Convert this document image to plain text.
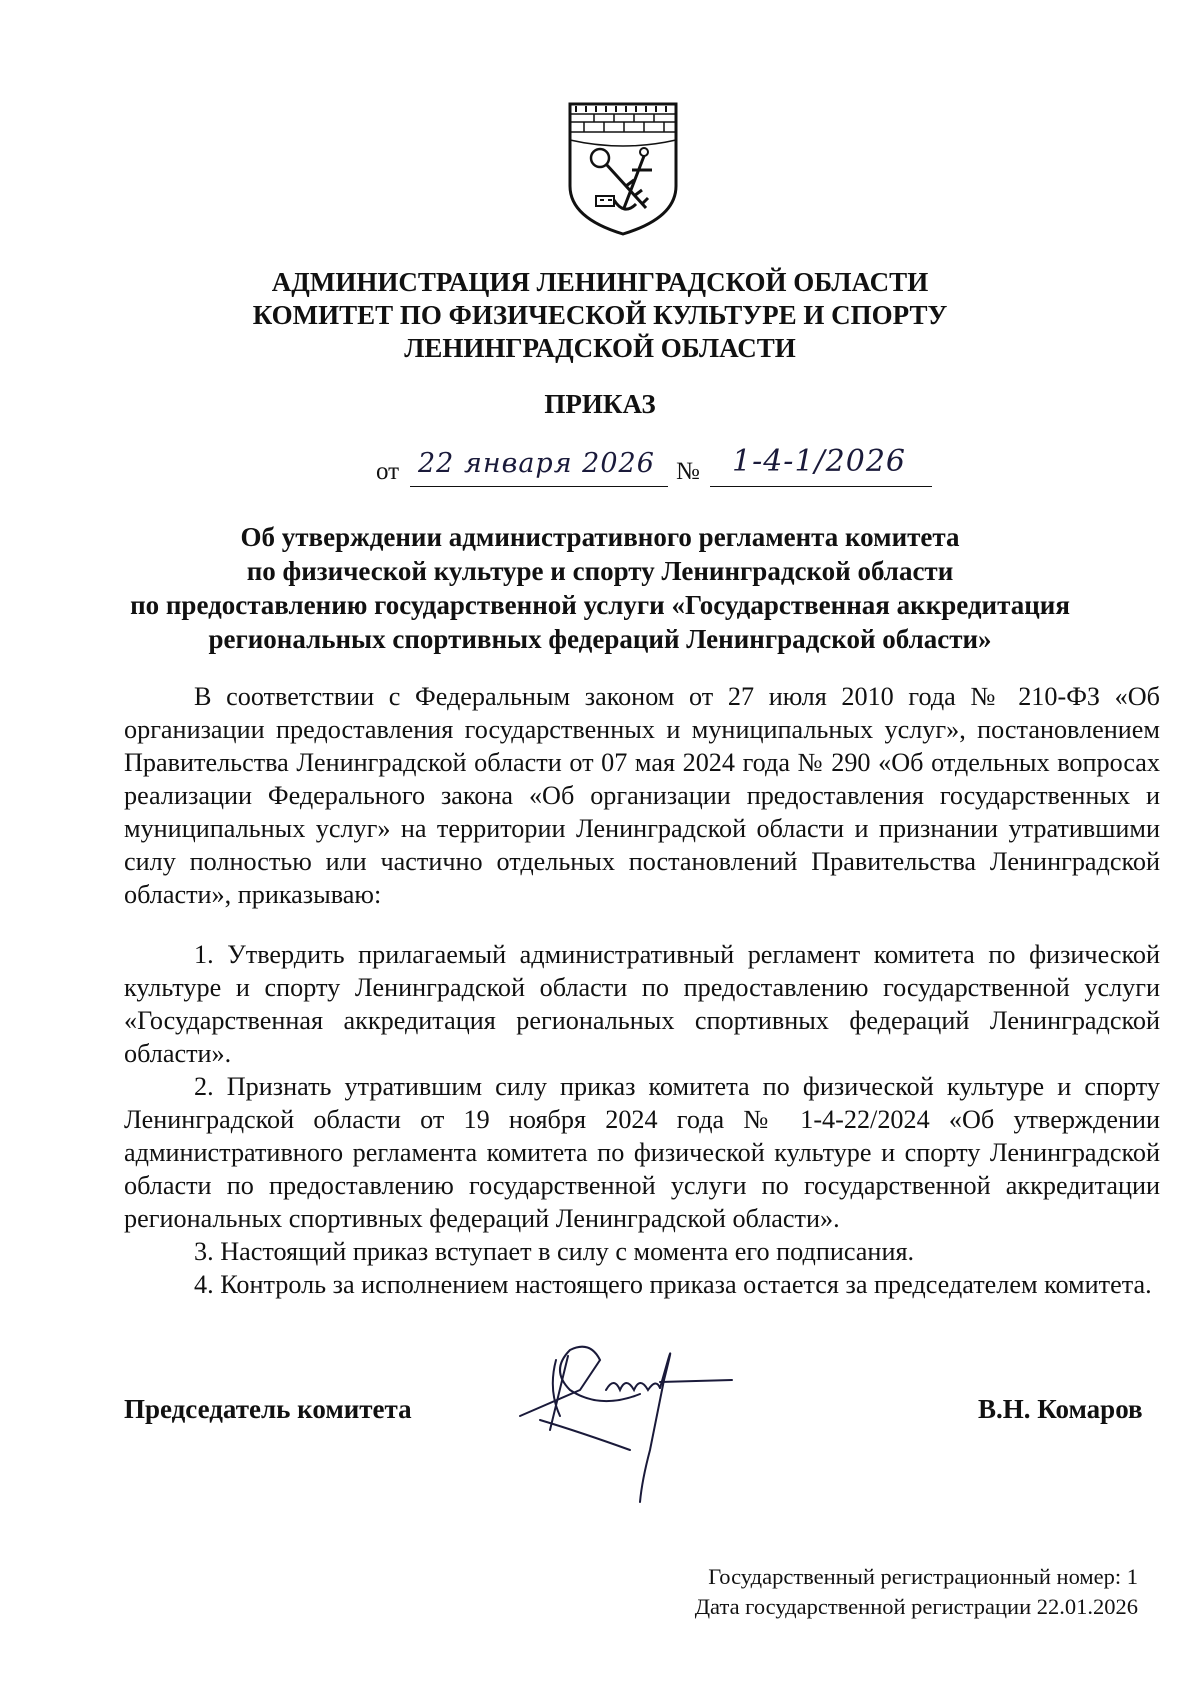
АДМИНИСТРАЦИЯ ЛЕНИНГРАДСКОЙ ОБЛАСТИ
КОМИТЕТ ПО ФИЗИЧЕСКОЙ КУЛЬТУРЕ И СПОРТУ
ЛЕНИНГРАДСКОЙ ОБЛАСТИ
ПРИКАЗ
от 22 января 2026 № 1-4-1/2026
Об утверждении административного регламента комитета
по физической культуре и спорту Ленинградской области
по предоставлению государственной услуги «Государственная аккредитация
региональных спортивных федераций Ленинградской области»

В соответствии с Федеральным законом от 27 июля 2010 года № 210-ФЗ «Об организации предоставления государственных и муниципальных услуг», постановлением Правительства Ленинградской области от 07 мая 2024 года № 290 «Об отдельных вопросах реализации Федерального закона «Об организации предоставления государственных и муниципальных услуг» на территории Ленинградской области и признании утратившими силу полностью или частично отдельных постановлений Правительства Ленинградской области», приказываю:

1. Утвердить прилагаемый административный регламент комитета по физической культуре и спорту Ленинградской области по предоставлению государственной услуги «Государственная аккредитация региональных спортивных федераций Ленинградской области».

2. Признать утратившим силу приказ комитета по физической культуре и спорту Ленинградской области от 19 ноября 2024 года № 1-4-22/2024 «Об утверждении административного регламента комитета по физической культуре и спорту Ленинградской области по предоставлению государственной услуги по государственной аккредитации региональных спортивных федераций Ленинградской области».

3. Настоящий приказ вступает в силу с момента его подписания.

4. Контроль за исполнением настоящего приказа остается за председателем комитета.

Председатель комитета	В.Н. Комаров
Государственный регистрационный номер: 1
Дата государственной регистрации 22.01.2026
